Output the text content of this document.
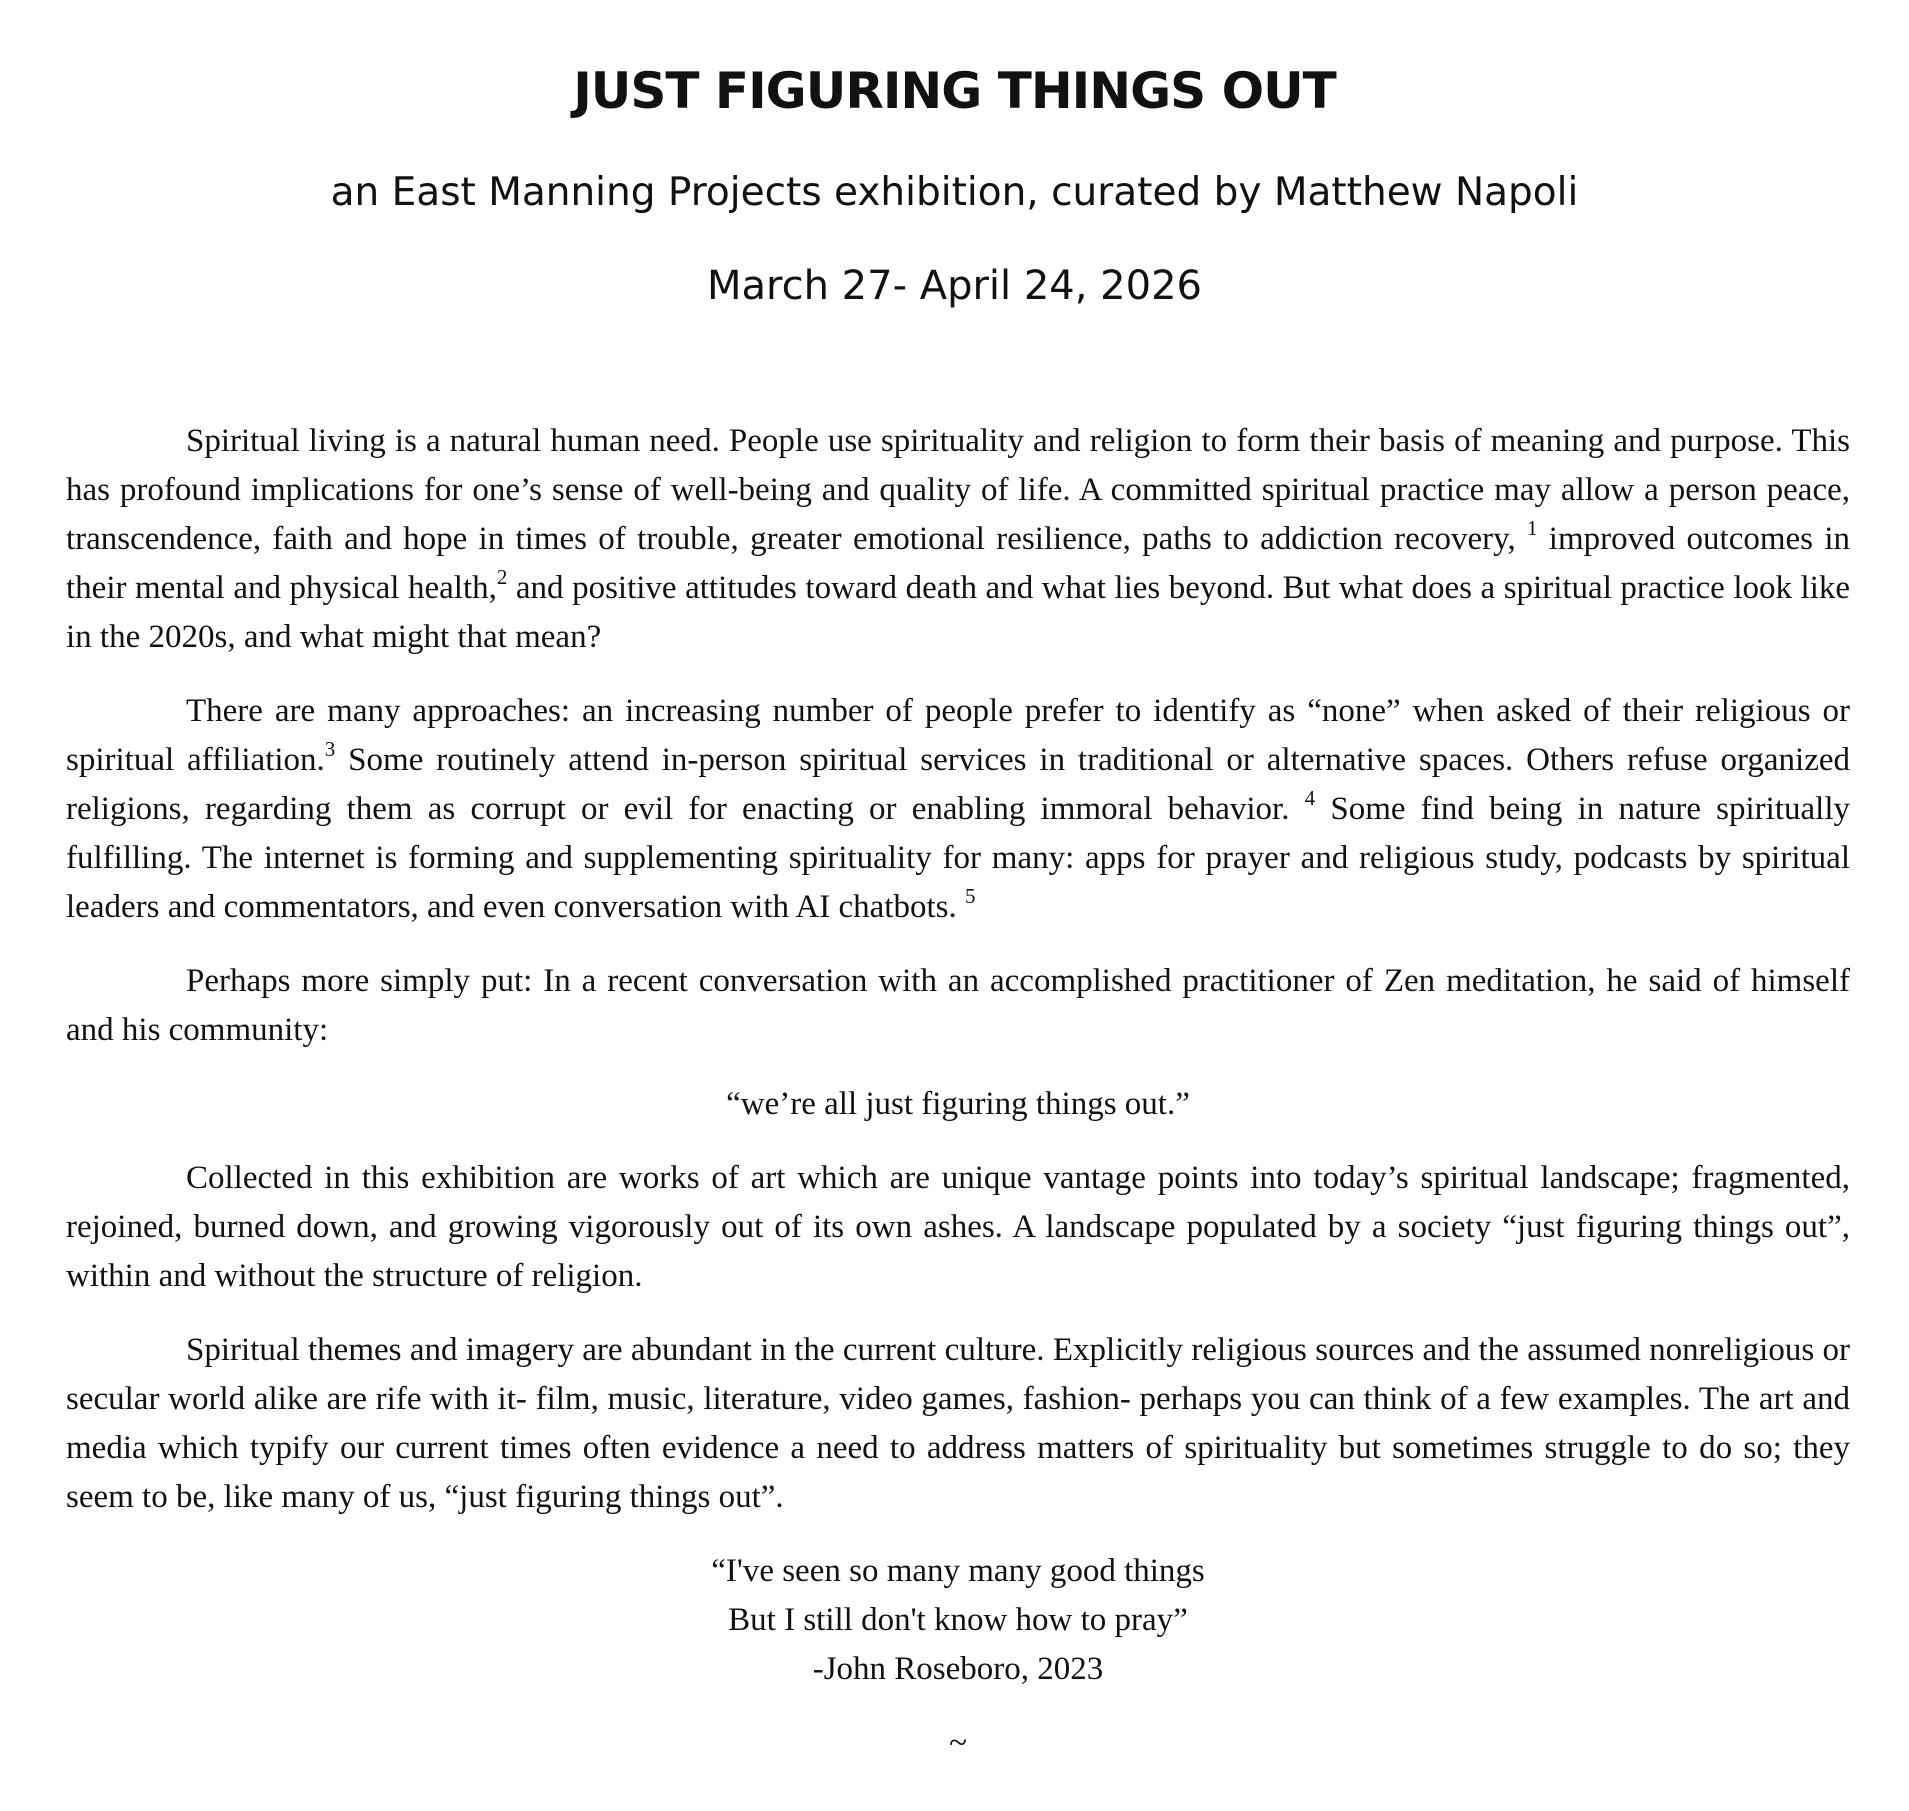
JUST FIGURING THINGS OUT

an East Manning Projects exhibition, curated by Matthew Napoli

March 27- April 24, 2026

Spiritual living is a natural human need. People use spirituality and religion to form their basis of meaning and purpose. This has profound implications for one’s sense of well-being and quality of life. A committed spiritual practice may allow a person peace, transcendence, faith and hope in times of trouble, greater emotional resilience, paths to addiction recovery, $^1$ improved outcomes in their mental and physical health,$^2$ and positive attitudes toward death and what lies beyond. But what does a spiritual practice look like in the 2020s, and what might that mean?

There are many approaches: an increasing number of people prefer to identify as “none” when asked of their religious or spiritual affiliation.$^3$ Some routinely attend in-person spiritual services in traditional or alternative spaces. Others refuse organized religions, regarding them as corrupt or evil for enacting or enabling immoral behavior. $^4$ Some find being in nature spiritually fulfilling. The internet is forming and supplementing spirituality for many: apps for prayer and religious study, podcasts by spiritual leaders and commentators, and even conversation with AI chatbots. $^5$

Perhaps more simply put: In a recent conversation with an accomplished practitioner of Zen meditation, he said of himself and his community:

“we’re all just figuring things out.”

Collected in this exhibition are works of art which are unique vantage points into today’s spiritual landscape; fragmented, rejoined, burned down, and growing vigorously out of its own ashes. A landscape populated by a society “just figuring things out”, within and without the structure of religion.

Spiritual themes and imagery are abundant in the current culture. Explicitly religious sources and the assumed nonreligious or secular world alike are rife with it- film, music, literature, video games, fashion- perhaps you can think of a few examples. The art and media which typify our current times often evidence a need to address matters of spirituality but sometimes struggle to do so; they seem to be, like many of us, “just figuring things out”.

“I've seen so many many good things
But I still don't know how to pray”
-John Roseboro, 2023
~
